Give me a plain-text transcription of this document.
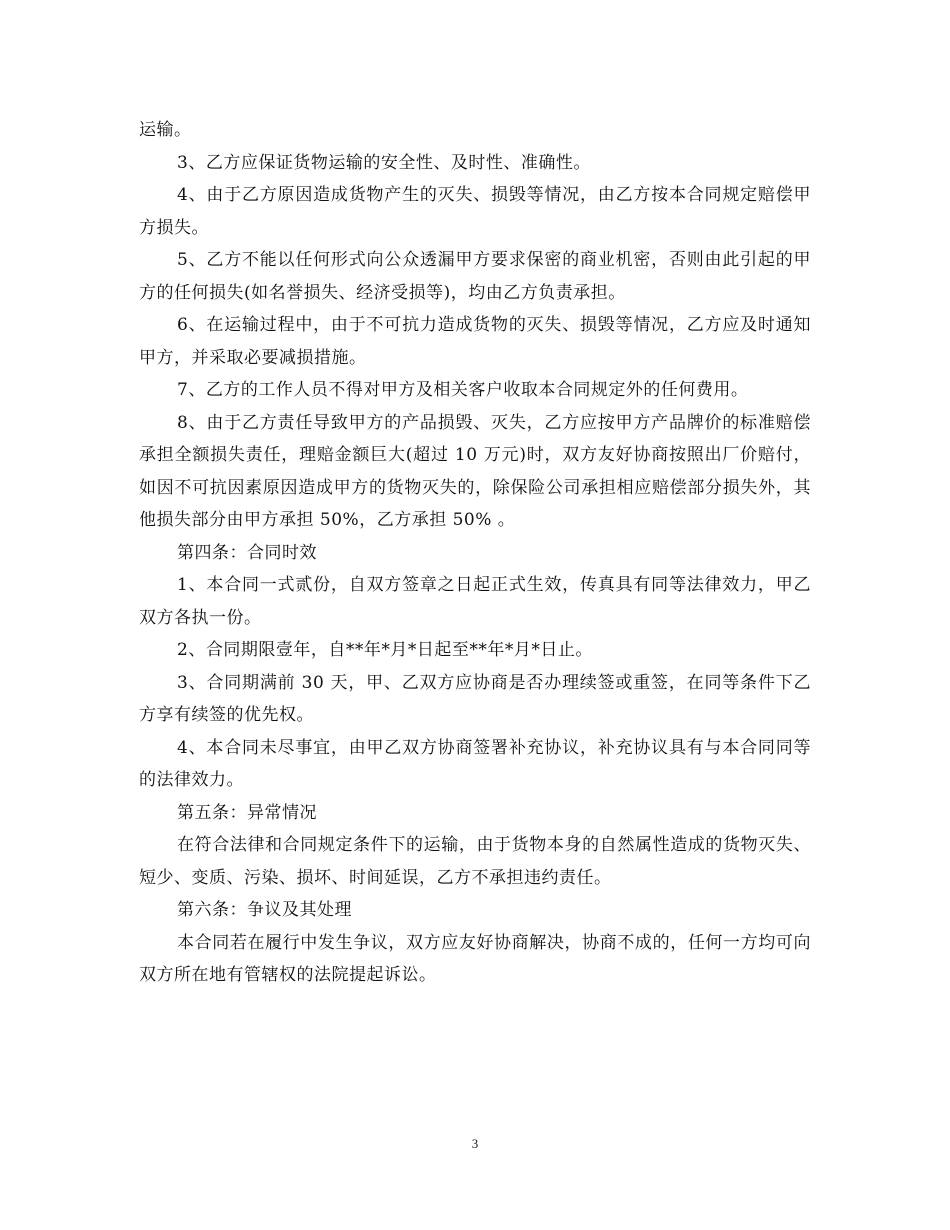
运输。

3、乙方应保证货物运输的安全性、及时性、准确性。

4、由于乙方原因造成货物产生的灭失、损毁等情况，由乙方按本合同规定赔偿甲方损失。

5、乙方不能以任何形式向公众透漏甲方要求保密的商业机密，否则由此引起的甲方的任何损失(如名誉损失、经济受损等)，均由乙方负责承担。

6、在运输过程中，由于不可抗力造成货物的灭失、损毁等情况，乙方应及时通知甲方，并采取必要减损措施。

7、乙方的工作人员不得对甲方及相关客户收取本合同规定外的任何费用。

8、由于乙方责任导致甲方的产品损毁、灭失，乙方应按甲方产品牌价的标准赔偿承担全额损失责任，理赔金额巨大(超过 10 万元)时，双方友好协商按照出厂价赔付，如因不可抗因素原因造成甲方的货物灭失的，除保险公司承担相应赔偿部分损失外，其他损失部分由甲方承担 50%，乙方承担 50% 。

第四条：合同时效

1、本合同一式贰份，自双方签章之日起正式生效，传真具有同等法律效力，甲乙双方各执一份。

2、合同期限壹年，自**年*月*日起至**年*月*日止。

3、合同期满前 30 天，甲、乙双方应协商是否办理续签或重签，在同等条件下乙方享有续签的优先权。

4、本合同未尽事宜，由甲乙双方协商签署补充协议，补充协议具有与本合同同等的法律效力。

第五条：异常情况

在符合法律和合同规定条件下的运输，由于货物本身的自然属性造成的货物灭失、短少、变质、污染、损坏、时间延误，乙方不承担违约责任。

第六条：争议及其处理

本合同若在履行中发生争议，双方应友好协商解决，协商不成的，任何一方均可向双方所在地有管辖权的法院提起诉讼。

3
